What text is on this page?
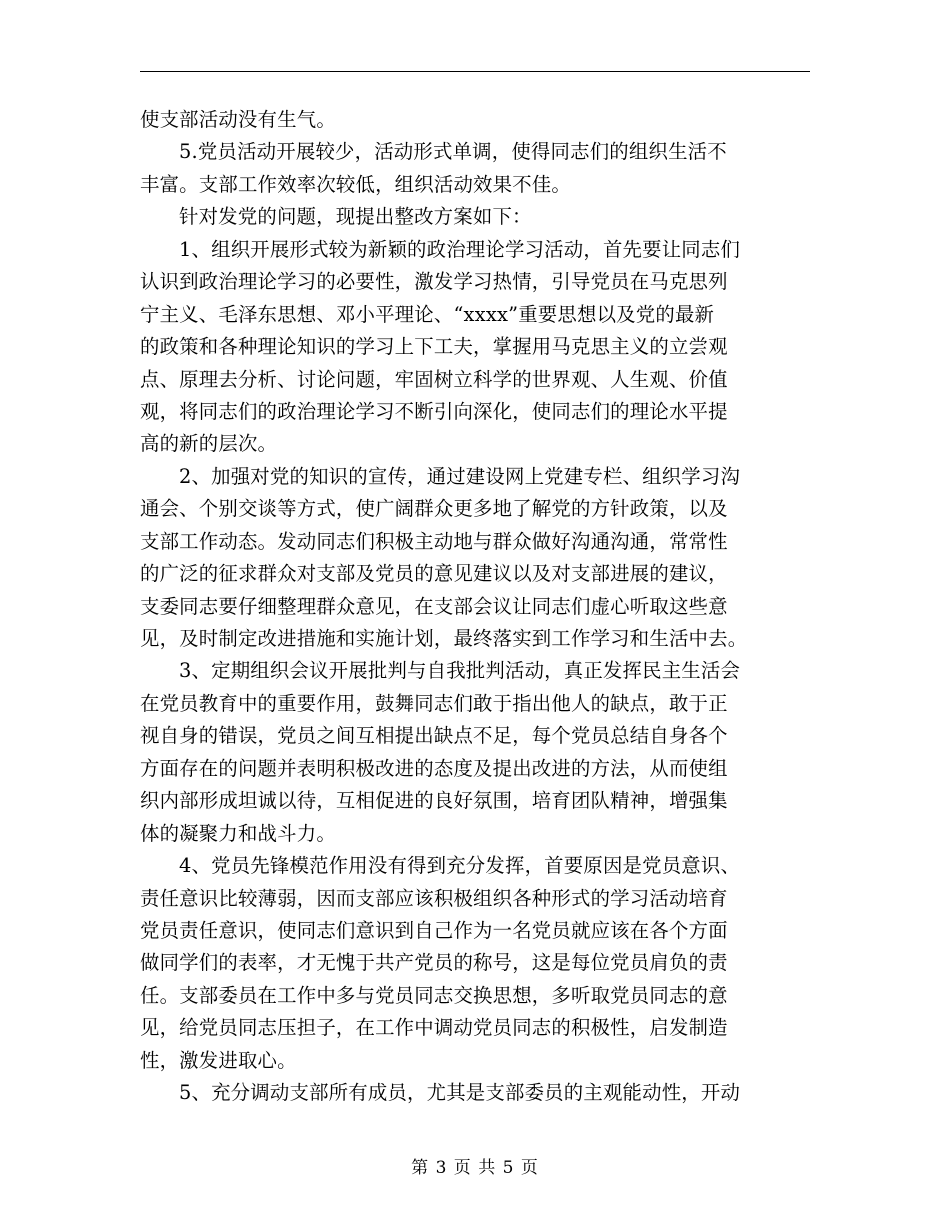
使支部活动没有生气。
5.党员活动开展较少，活动形式单调，使得同志们的组织生活不
丰富。支部工作效率次较低，组织活动效果不佳。
针对发党的问题，现提出整改方案如下：
1、组织开展形式较为新颖的政治理论学习活动，首先要让同志们
认识到政治理论学习的必要性，激发学习热情，引导党员在马克思列
宁主义、毛泽东思想、邓小平理论、“xxxx”重要思想以及党的最新
的政策和各种理论知识的学习上下工夫，掌握用马克思主义的立尝观
点、原理去分析、讨论问题，牢固树立科学的世界观、人生观、价值
观，将同志们的政治理论学习不断引向深化，使同志们的理论水平提
高的新的层次。
2、加强对党的知识的宣传，通过建设网上党建专栏、组织学习沟
通会、个别交谈等方式，使广阔群众更多地了解党的方针政策，以及
支部工作动态。发动同志们积极主动地与群众做好沟通沟通，常常性
的广泛的征求群众对支部及党员的意见建议以及对支部进展的建议，
支委同志要仔细整理群众意见，在支部会议让同志们虚心听取这些意
见，及时制定改进措施和实施计划，最终落实到工作学习和生活中去。
3、定期组织会议开展批判与自我批判活动，真正发挥民主生活会
在党员教育中的重要作用，鼓舞同志们敢于指出他人的缺点，敢于正
视自身的错误，党员之间互相提出缺点不足，每个党员总结自身各个
方面存在的问题并表明积极改进的态度及提出改进的方法，从而使组
织内部形成坦诚以待，互相促进的良好氛围，培育团队精神，增强集
体的凝聚力和战斗力。
4、党员先锋模范作用没有得到充分发挥，首要原因是党员意识、
责任意识比较薄弱，因而支部应该积极组织各种形式的学习活动培育
党员责任意识，使同志们意识到自己作为一名党员就应该在各个方面
做同学们的表率，才无愧于共产党员的称号，这是每位党员肩负的责
任。支部委员在工作中多与党员同志交换思想，多听取党员同志的意
见，给党员同志压担子，在工作中调动党员同志的积极性，启发制造
性，激发进取心。
5、充分调动支部所有成员，尤其是支部委员的主观能动性，开动
第 3 页 共 5 页
